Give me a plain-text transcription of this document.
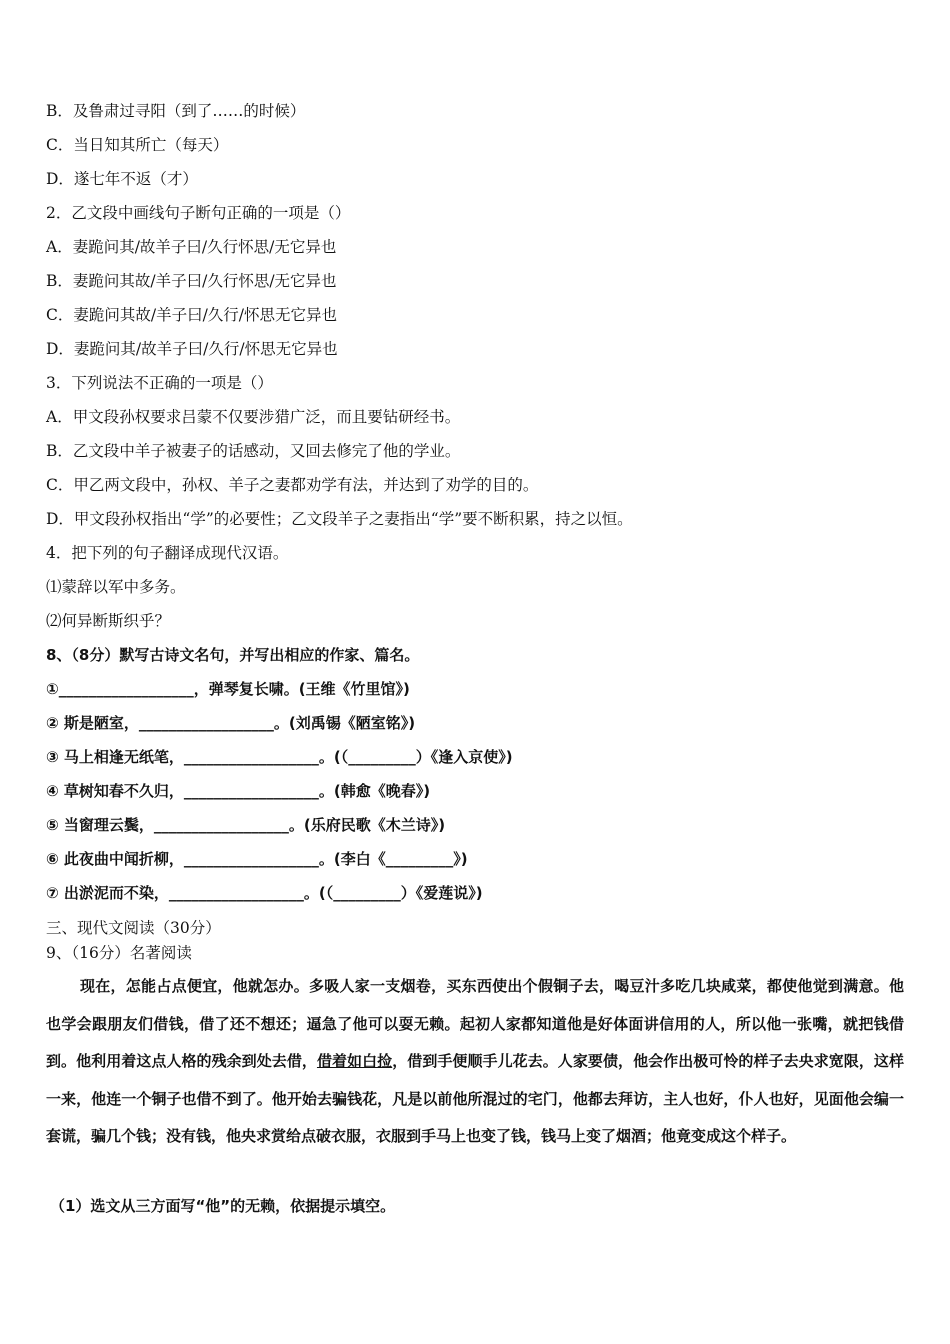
B．及鲁肃过寻阳（到了……的时候）
C．当日知其所亡（每天）
D．遂七年不返（才）
2．乙文段中画线句子断句正确的一项是（）
A．妻跪问其/故羊子曰/久行怀思/无它异也
B．妻跪问其故/羊子曰/久行怀思/无它异也
C．妻跪问其故/羊子曰/久行/怀思无它异也
D．妻跪问其/故羊子曰/久行/怀思无它异也
3．下列说法不正确的一项是（）
A．甲文段孙权要求吕蒙不仅要涉猎广泛，而且要钻研经书。
B．乙文段中羊子被妻子的话感动，又回去修完了他的学业。
C．甲乙两文段中，孙权、羊子之妻都劝学有法，并达到了劝学的目的。
D．甲文段孙权指出“学”的必要性；乙文段羊子之妻指出“学”要不断积累，持之以恒。
4．把下列的句子翻译成现代汉语。
⑴蒙辞以军中多务。
⑵何异断斯织乎？
8、（8分）默写古诗文名句，并写出相应的作家、篇名。
①__________________，弹琴复长啸。(王维《竹里馆》)
② 斯是陋室，__________________。(刘禹锡《陋室铭》)
③ 马上相逢无纸笔，__________________。(（_________）《逢入京使》)
④ 草树知春不久归，__________________。(韩愈《晚春》)
⑤ 当窗理云鬓，__________________。(乐府民歌《木兰诗》)
⑥ 此夜曲中闻折柳，__________________。(李白《_________》)
⑦ 出淤泥而不染，__________________。(（_________）《爱莲说》)
三、现代文阅读（30分）
9、（16分）名著阅读
现在，怎能占点便宜，他就怎办。多吸人家一支烟卷，买东西使出个假铜子去，喝豆汁多吃几块咸菜，都使他觉到满意。他也学会跟朋友们借钱，借了还不想还；逼急了他可以耍无赖。起初人家都知道他是好体面讲信用的人，所以他一张嘴，就把钱借到。他利用着这点人格的残余到处去借，借着如白捡，借到手便顺手儿花去。人家要债，他会作出极可怜的样子去央求宽限，这样一来，他连一个铜子也借不到了。他开始去骗钱花，凡是以前他所混过的宅门，他都去拜访，主人也好，仆人也好，见面他会编一套谎，骗几个钱；没有钱，他央求赏给点破衣服，衣服到手马上也变了钱，钱马上变了烟酒；他竟变成这个样子。
（1）选文从三方面写“他”的无赖，依据提示填空。
